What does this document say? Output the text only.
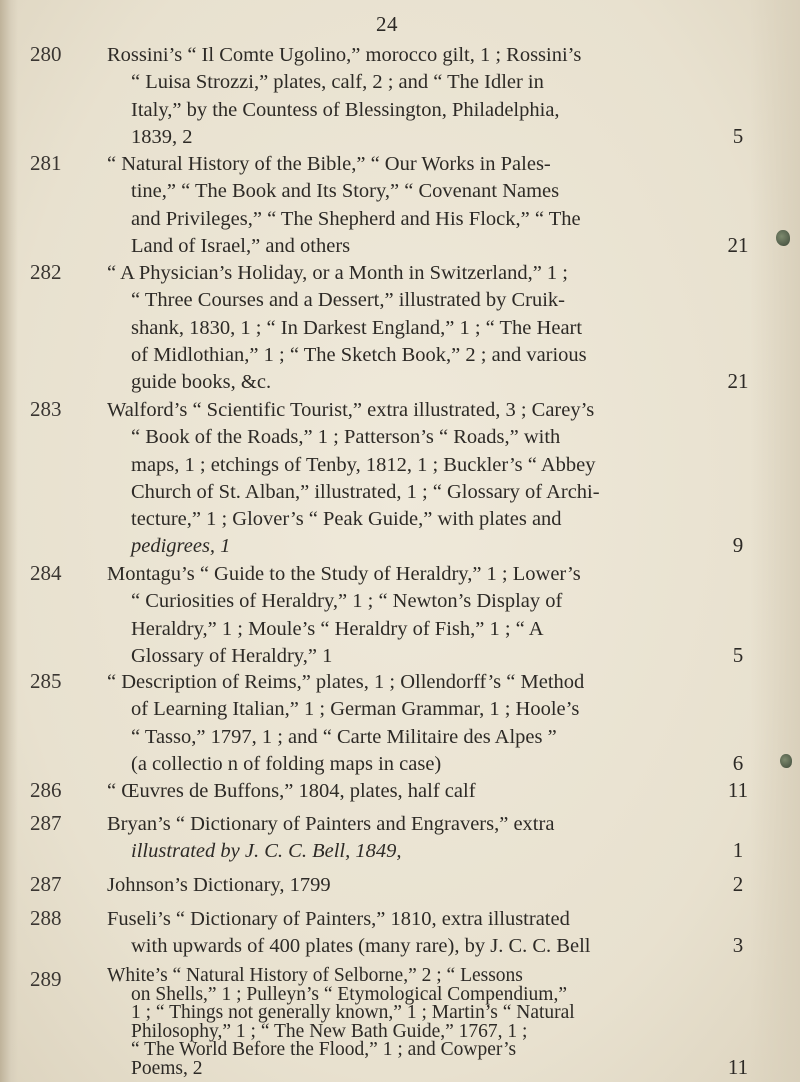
24
280 Rossini’s “ Il Comte Ugolino,” morocco gilt, 1 ; Rossini’s
“ Luisa Strozzi,” plates, calf, 2 ; and “ The Idler in
Italy,” by the Countess of Blessington, Philadelphia,
1839, 2	5
281 “ Natural History of the Bible,” “ Our Works in Pales-
tine,” “ The Book and Its Story,” “ Covenant Names
and Privileges,” “ The Shepherd and His Flock,” “ The
Land of Israel,” and others	21
282 “ A Physician’s Holiday, or a Month in Switzerland,” 1 ;
“ Three Courses and a Dessert,” illustrated by Cruik-
shank, 1830, 1 ; “ In Darkest England,” 1 ; “ The Heart
of Midlothian,” 1 ; “ The Sketch Book,” 2 ; and various
guide books, &c.	21
283 Walford’s “ Scientific Tourist,” extra illustrated, 3 ; Carey’s
“ Book of the Roads,” 1 ; Patterson’s “ Roads,” with
maps, 1 ; etchings of Tenby, 1812, 1 ; Buckler’s “ Abbey
Church of St. Alban,” illustrated, 1 ; “ Glossary of Archi-
tecture,” 1 ; Glover’s “ Peak Guide,” with plates and
pedigrees, 1	9
284 Montagu’s “ Guide to the Study of Heraldry,” 1 ; Lower’s
“ Curiosities of Heraldry,” 1 ; “ Newton’s Display of
Heraldry,” 1 ; Moule’s “ Heraldry of Fish,” 1 ; “ A
Glossary of Heraldry,” 1	5
285 “ Description of Reims,” plates, 1 ; Ollendorff’s “ Method
of Learning Italian,” 1 ; German Grammar, 1 ; Hoole’s
“ Tasso,” 1797, 1 ; and “ Carte Militaire des Alpes ”
(a collectio n of folding maps in case)	6
286 “ Œuvres de Buffons,” 1804, plates, half calf	11
287 Bryan’s “ Dictionary of Painters and Engravers,” extra
illustrated by J. C. C. Bell, 1849,	1
287 Johnson’s Dictionary, 1799	2
288 Fuseli’s “ Dictionary of Painters,” 1810, extra illustrated
with upwards of 400 plates (many rare), by J. C. C. Bell	3
289 White’s “ Natural History of Selborne,” 2 ; “ Lessons
on Shells,” 1 ; Pulleyn’s “ Etymological Compendium,”
1 ; “ Things not generally known,” 1 ; Martin’s “ Natural
Philosophy,” 1 ; “ The New Bath Guide,” 1767, 1 ;
“ The World Before the Flood,” 1 ; and Cowper’s
Poems, 2	11
